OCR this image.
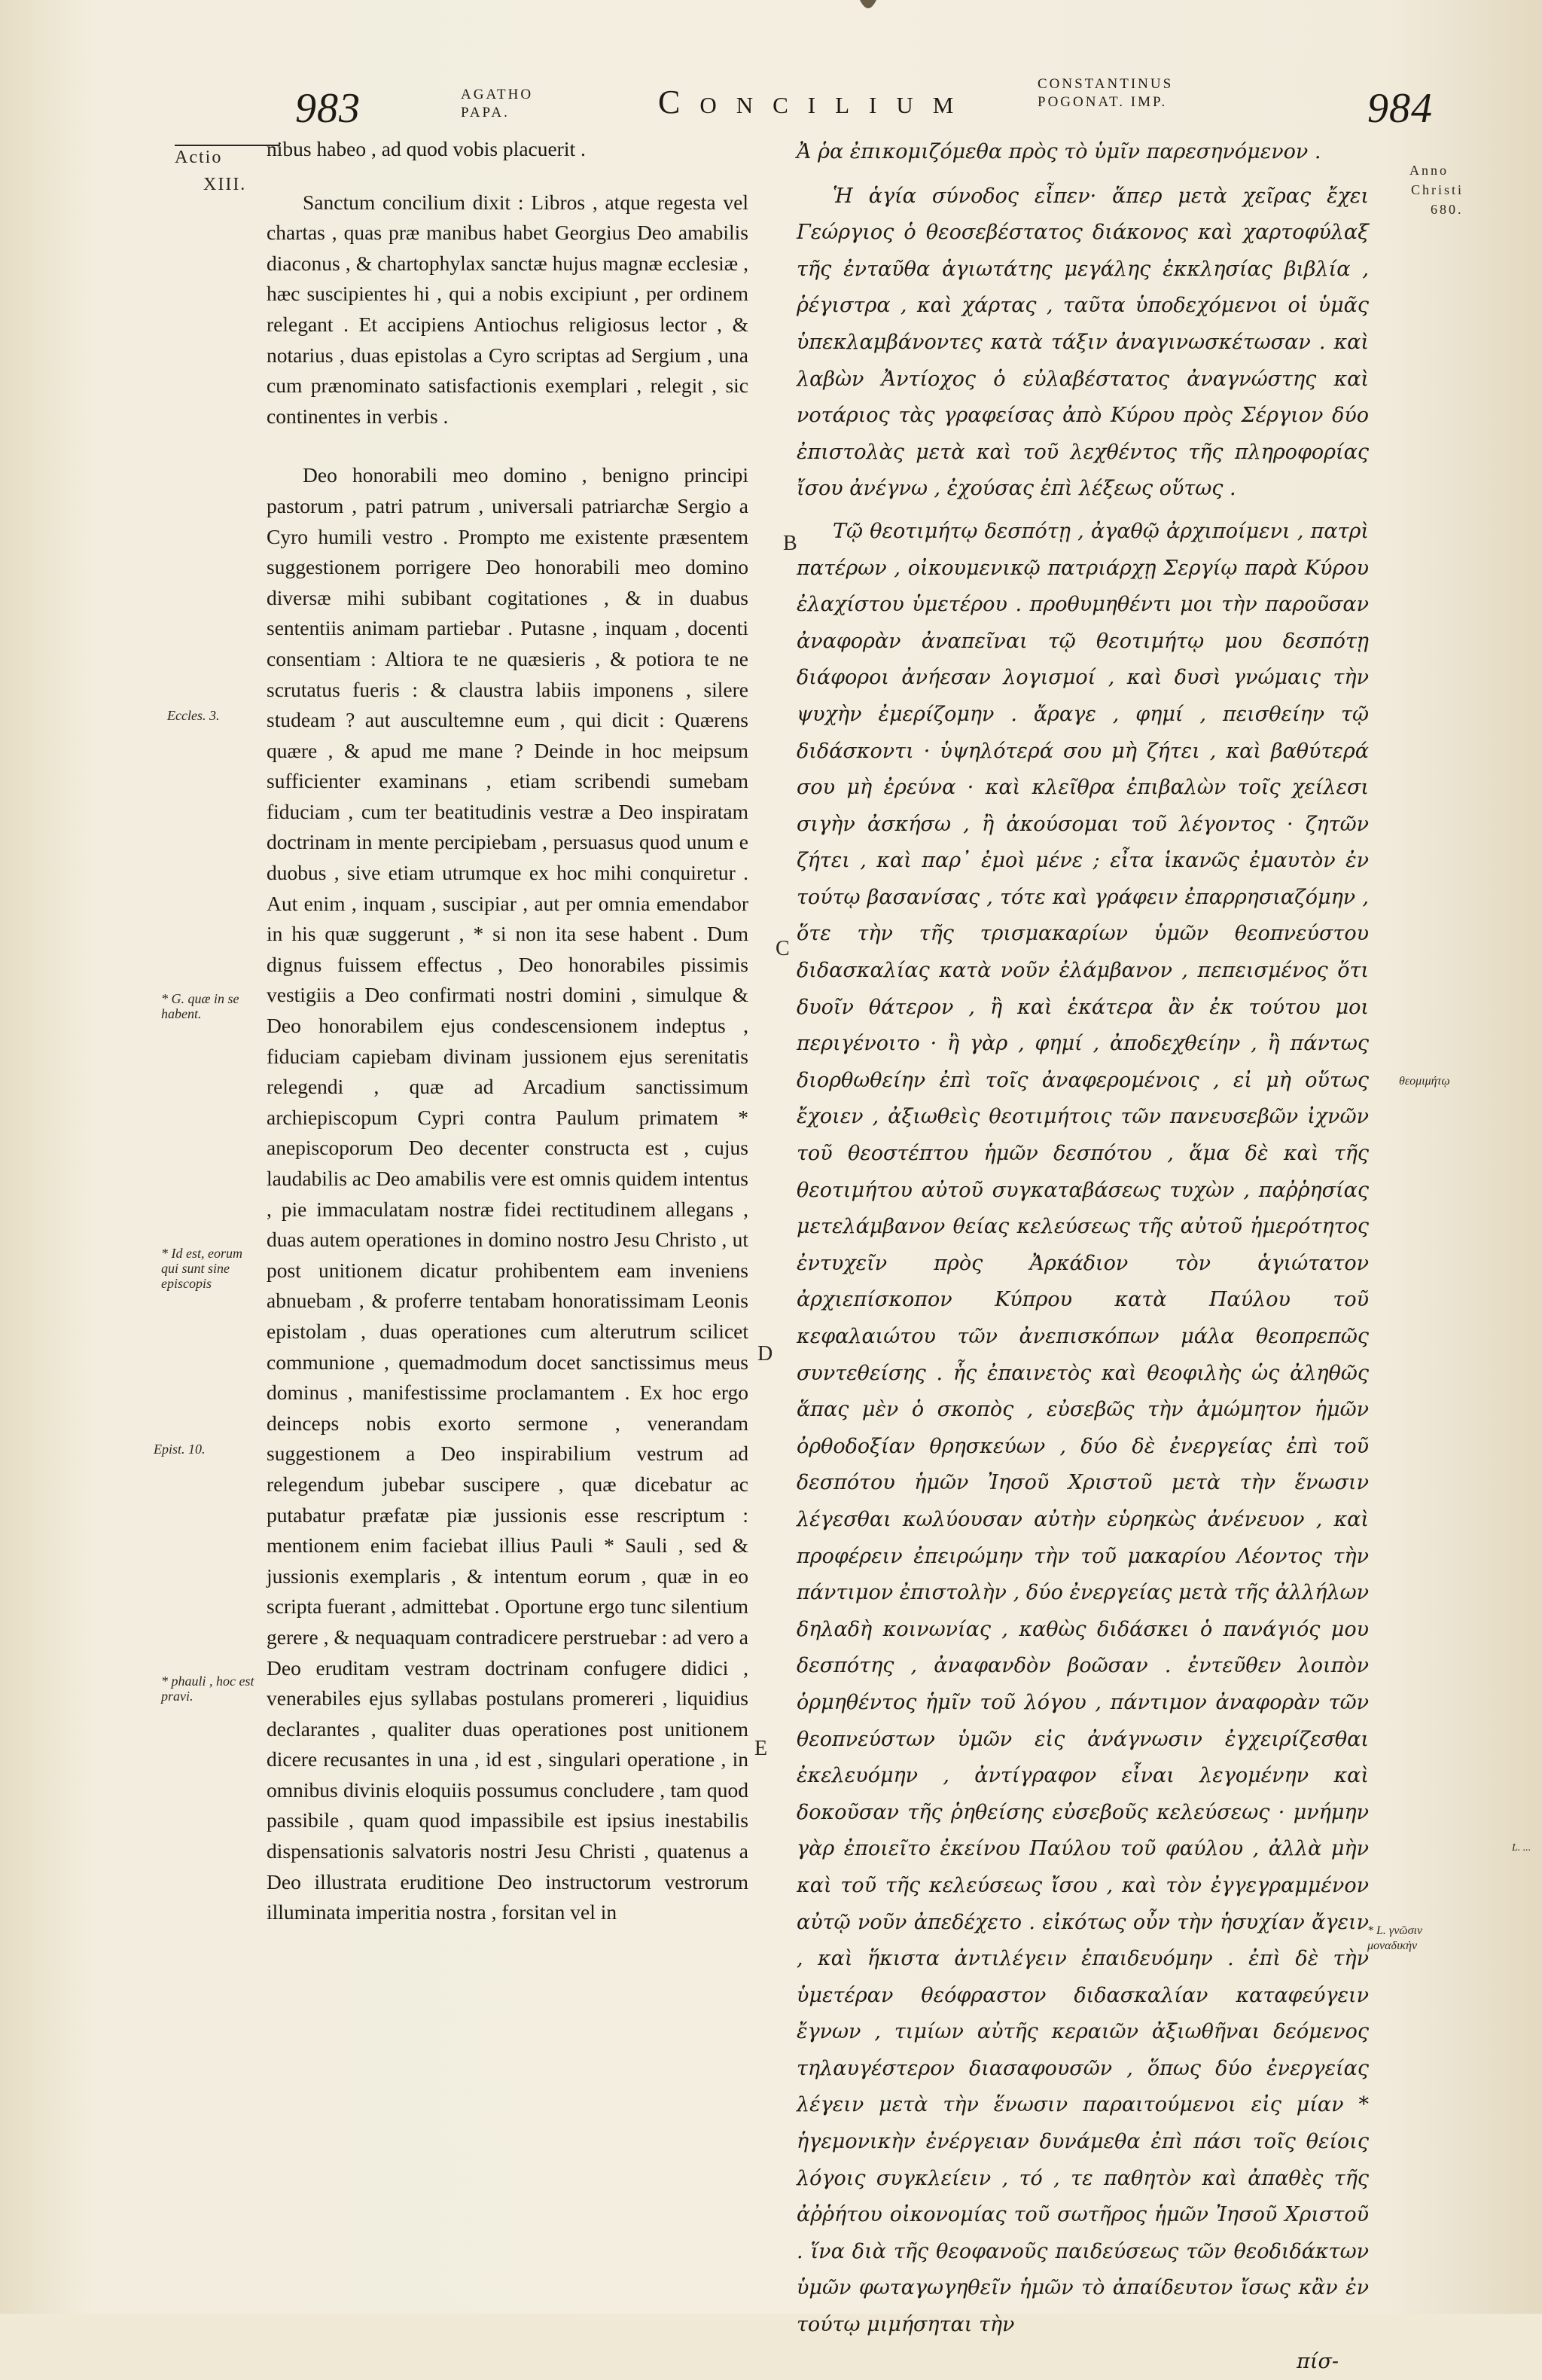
983	AGATHO
PAPA.	Concilium	CONSTANTINUS
POGONAT. IMP.	984
Actio
XIII.
Eccles. 3.
* G. quæ in se habent.
* Id est, eorum qui sunt sine episcopis
Epist. 10.
* phauli , hoc est pravi.
Anno
Christi
680.
θεομιμήτῳ
* L. γνῶσιν μοναδικὴν
L. ...
B
C
D
E

nibus habeo , ad quod vobis placuerit .

Sanctum concilium dixit : Libros , atque regesta vel chartas , quas præ manibus habet Georgius Deo amabilis diaconus , & chartophylax sanctæ hujus magnæ ecclesiæ , hæc suscipientes hi , qui a nobis excipiunt , per ordinem relegant . Et accipiens Antiochus religiosus lector , & notarius , duas epistolas a Cyro scriptas ad Sergium , una cum prænominato satisfactionis exemplari , relegit , sic continentes in verbis .

Deo honorabili meo domino , benigno principi pastorum , patri patrum , universali patriarchæ Sergio a Cyro humili vestro . Prompto me existente præsentem suggestionem porrigere Deo honorabili meo domino diversæ mihi subibant cogitationes , & in duabus sententiis animam partiebar . Putasne , inquam , docenti consentiam : Altiora te ne quæsieris , & potiora te ne scrutatus fueris : & claustra labiis imponens , silere studeam ? aut auscultemne eum , qui dicit : Quærens quære , & apud me mane ? Deinde in hoc meipsum sufficienter examinans , etiam scribendi sumebam fiduciam , cum ter beatitudinis vestræ a Deo inspiratam doctrinam in mente percipiebam , persuasus quod unum e duobus , sive etiam utrumque ex hoc mihi conquiretur . Aut enim , inquam , suscipiar , aut per omnia emendabor in his quæ suggerunt , * si non ita sese habent . Dum dignus fuissem effectus , Deo honorabiles pissimis vestigiis a Deo confirmati nostri domini , simulque & Deo honorabilem ejus condescensionem indeptus , fiduciam capiebam divinam jussionem ejus serenitatis relegendi , quæ ad Arcadium sanctissimum archiepiscopum Cypri contra Paulum primatem * anepiscoporum Deo decenter constructa est , cujus laudabilis ac Deo amabilis vere est omnis quidem intentus , pie immaculatam nostræ fidei rectitudinem allegans , duas autem operationes in domino nostro Jesu Christo , ut post unitionem dicatur prohibentem eam inveniens abnuebam , & proferre tentabam honoratissimam Leonis epistolam , duas operationes cum alterutrum scilicet communione , quemadmodum docet sanctissimus meus dominus , manifestissime proclamantem . Ex hoc ergo deinceps nobis exorto sermone , venerandam suggestionem a Deo inspirabilium vestrum ad relegendum jubebar suscipere , quæ dicebatur ac putabatur præfatæ piæ jussionis esse rescriptum : mentionem enim faciebat illius Pauli * Sauli , sed & jussionis exemplaris , & intentum eorum , quæ in eo scripta fuerant , admittebat . Oportune ergo tunc silentium gerere , & nequaquam contradicere perstruebar : ad vero a Deo eruditam vestram doctrinam confugere didici , venerabiles ejus syllabas postulans promereri , liquidius declarantes , qualiter duas operationes post unitionem dicere recusantes in una , id est , singulari operatione , in omnibus divinis eloquiis possumus concludere , tam quod passibile , quam quod impassibile est ipsius inestabilis dispensationis salvatoris nostri Jesu Christi , quatenus a Deo illustrata eruditione Deo instructorum vestrorum illuminata imperitia nostra , forsitan vel in

Ἀ ῥα ἐπικομιζόμεθα πρὸς τὸ ὑμῖν παρεσηνόμενον .

Ἡ ἁγία σύνοδος εἶπεν· ἅπερ μετὰ χεῖρας ἔχει Γεώργιος ὁ θεοσεβέστατος διάκονος καὶ χαρτοφύλαξ τῆς ἐνταῦθα ἁγιωτάτης μεγάλης ἐκκλησίας βιβλία , ῥέγιστρα , καὶ χάρτας , ταῦτα ὑποδεχόμενοι οἱ ὑμᾶς ὑπεκλαμβάνοντες κατὰ τάξιν ἀναγινωσκέτωσαν . καὶ λαβὼν Ἀντίοχος ὁ εὐλαβέστατος ἀναγνώστης καὶ νοτάριος τὰς γραφείσας ἀπὸ Κύρου πρὸς Σέργιον δύο ἐπιστολὰς μετὰ καὶ τοῦ λεχθέντος τῆς πληροφορίας ἴσου ἀνέγνω , ἐχούσας ἐπὶ λέξεως οὕτως .

Τῷ θεοτιμήτῳ δεσπότῃ , ἀγαθῷ ἀρχιποίμενι , πατρὶ πατέρων , οἰκουμενικῷ πατριάρχῃ Σεργίῳ παρὰ Κύρου ἐλαχίστου ὑμετέρου . προθυμηθέντι μοι τὴν παροῦσαν ἀναφορὰν ἀναπεῖναι τῷ θεοτιμήτῳ μου δεσπότῃ διάφοροι ἀνήεσαν λογισμοί , καὶ δυσὶ γνώμαις τὴν ψυχὴν ἐμερίζομην . ἄραγε , φημί , πεισθείην τῷ διδάσκοντι · ὑψηλότερά σου μὴ ζήτει , καὶ βαθύτερά σου μὴ ἐρεύνα · καὶ κλεῖθρα ἐπιβαλὼν τοῖς χείλεσι σιγὴν ἀσκήσω , ἢ ἀκούσομαι τοῦ λέγοντος · ζητῶν ζήτει , καὶ παρ᾽ ἐμοὶ μένε ; εἶτα ἱκανῶς ἐμαυτὸν ἐν τούτῳ βασανίσας , τότε καὶ γράφειν ἐπαρρησιαζόμην , ὅτε τὴν τῆς τρισμακαρίων ὑμῶν θεοπνεύστου διδασκαλίας κατὰ νοῦν ἐλάμβανον , πεπεισμένος ὅτι δυοῖν θάτερον , ἢ καὶ ἑκάτερα ἂν ἐκ τούτου μοι περιγένοιτο · ἢ γὰρ , φημί , ἀποδεχθείην , ἢ πάντως διορθωθείην ἐπὶ τοῖς ἀναφερομένοις , εἰ μὴ οὕτως ἔχοιεν , ἀξιωθεὶς θεοτιμήτοις τῶν πανευσεβῶν ἰχνῶν τοῦ θεοστέπτου ἡμῶν δεσπότου , ἅμα δὲ καὶ τῆς θεοτιμήτου αὐτοῦ συγκαταβάσεως τυχὼν , παῤῥησίας μετελάμβανον θείας κελεύσεως τῆς αὐτοῦ ἡμερότητος ἐντυχεῖν πρὸς Ἀρκάδιον τὸν ἁγιώτατον ἀρχιεπίσκοπον Κύπρου κατὰ Παύλου τοῦ κεφαλαιώτου τῶν ἀνεπισκόπων μάλα θεοπρεπῶς συντεθείσης . ἧς ἐπαινετὸς καὶ θεοφιλὴς ὡς ἀληθῶς ἅπας μὲν ὁ σκοπὸς , εὐσεβῶς τὴν ἀμώμητον ἡμῶν ὀρθοδοξίαν θρησκεύων , δύο δὲ ἐνεργείας ἐπὶ τοῦ δεσπότου ἡμῶν Ἰησοῦ Χριστοῦ μετὰ τὴν ἕνωσιν λέγεσθαι κωλύουσαν αὐτὴν εὑρηκὼς ἀνένευον , καὶ προφέρειν ἐπειρώμην τὴν τοῦ μακαρίου Λέοντος τὴν πάντιμον ἐπιστολὴν , δύο ἐνεργείας μετὰ τῆς ἀλλήλων δηλαδὴ κοινωνίας , καθὼς διδάσκει ὁ πανάγιός μου δεσπότης , ἀναφανδὸν βοῶσαν . ἐντεῦθεν λοιπὸν ὁρμηθέντος ἡμῖν τοῦ λόγου , πάντιμον ἀναφορὰν τῶν θεοπνεύστων ὑμῶν εἰς ἀνάγνωσιν ἐγχειρίζεσθαι ἐκελευόμην , ἀντίγραφον εἶναι λεγομένην καὶ δοκοῦσαν τῆς ῥηθείσης εὐσεβοῦς κελεύσεως · μνήμην γὰρ ἐποιεῖτο ἐκείνου Παύλου τοῦ φαύλου , ἀλλὰ μὴν καὶ τοῦ τῆς κελεύσεως ἴσου , καὶ τὸν ἐγγεγραμμένον αὐτῷ νοῦν ἀπεδέχετο . εἰκότως οὖν τὴν ἡσυχίαν ἄγειν , καὶ ἥκιστα ἀντιλέγειν ἐπαιδευόμην . ἐπὶ δὲ τὴν ὑμετέραν θεόφραστον διδασκαλίαν καταφεύγειν ἔγνων , τιμίων αὐτῆς κεραιῶν ἀξιωθῆναι δεόμενος τηλαυγέστερον διασαφουσῶν , ὅπως δύο ἐνεργείας λέγειν μετὰ τὴν ἕνωσιν παραιτούμενοι εἰς μίαν * ἡγεμονικὴν ἐνέργειαν δυνάμεθα ἐπὶ πάσι τοῖς θείοις λόγοις συγκλείειν , τό , τε παθητὸν καὶ ἀπαθὲς τῆς ἀῤῥήτου οἰκονομίας τοῦ σωτῆρος ἡμῶν Ἰησοῦ Χριστοῦ . ἵνα διὰ τῆς θεοφανοῦς παιδεύσεως τῶν θεοδιδάκτων ὑμῶν φωταγωγηθεῖν ἡμῶν τὸ ἀπαίδευτον ἴσως κἂν ἐν τούτῳ μιμήσηται τὴν

πίσ-
